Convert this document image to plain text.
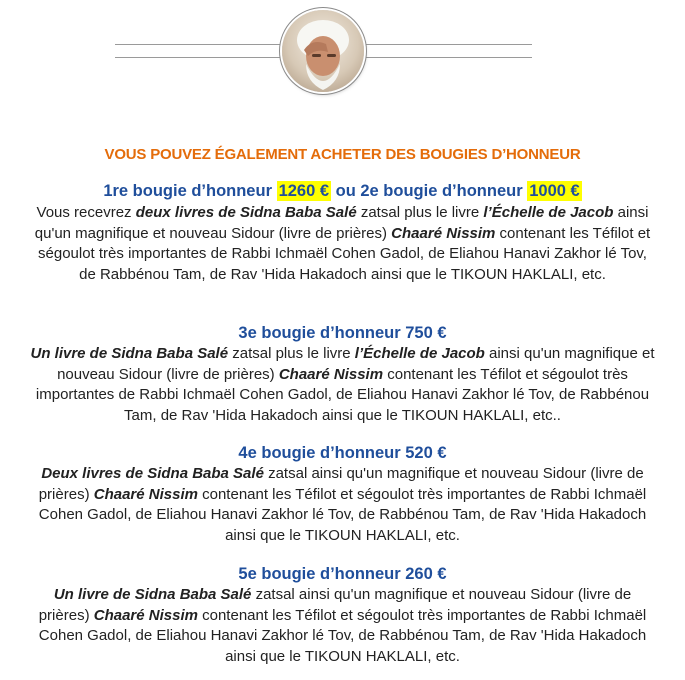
VOUS POUVEZ ÉGALEMENT ACHETER DES BOUGIES D’HONNEUR
1re bougie d’honneur 1260 € ou 2e bougie d’honneur 1000 €
Vous recevrez deux livres de Sidna Baba Salé zatsal plus le livre l’Échelle de Jacob ainsi qu'un magnifique et nouveau Sidour (livre de prières) Chaaré Nissim contenant les Téfilot et ségoulot très importantes de Rabbi Ichmaël Cohen Gadol, de Eliahou Hanavi Zakhor lé Tov, de Rabbénou Tam, de Rav 'Hida Hakadoch ainsi que le TIKOUN HAKLALI, etc.
3e bougie d’honneur 750 €
Un livre de Sidna Baba Salé zatsal plus le livre l’Échelle de Jacob ainsi qu'un magnifique et nouveau Sidour (livre de prières) Chaaré Nissim contenant les Téfilot et ségoulot très importantes de Rabbi Ichmaël Cohen Gadol, de Eliahou Hanavi Zakhor lé Tov, de Rabbénou Tam, de Rav 'Hida Hakadoch ainsi que le TIKOUN HAKLALI, etc..
4e bougie d’honneur 520 €
Deux livres de Sidna Baba Salé zatsal ainsi qu'un magnifique et nouveau Sidour (livre de prières) Chaaré Nissim contenant les Téfilot et ségoulot très importantes de Rabbi Ichmaël Cohen Gadol, de Eliahou Hanavi Zakhor lé Tov, de Rabbénou Tam, de Rav 'Hida Hakadoch ainsi que le TIKOUN HAKLALI, etc.
5e bougie d’honneur 260 €
Un livre de Sidna Baba Salé zatsal ainsi qu'un magnifique et nouveau Sidour (livre de prières) Chaaré Nissim contenant les Téfilot et ségoulot très importantes de Rabbi Ichmaël Cohen Gadol, de Eliahou Hanavi Zakhor lé Tov, de Rabbénou Tam, de Rav 'Hida Hakadoch ainsi que le TIKOUN HAKLALI, etc.
